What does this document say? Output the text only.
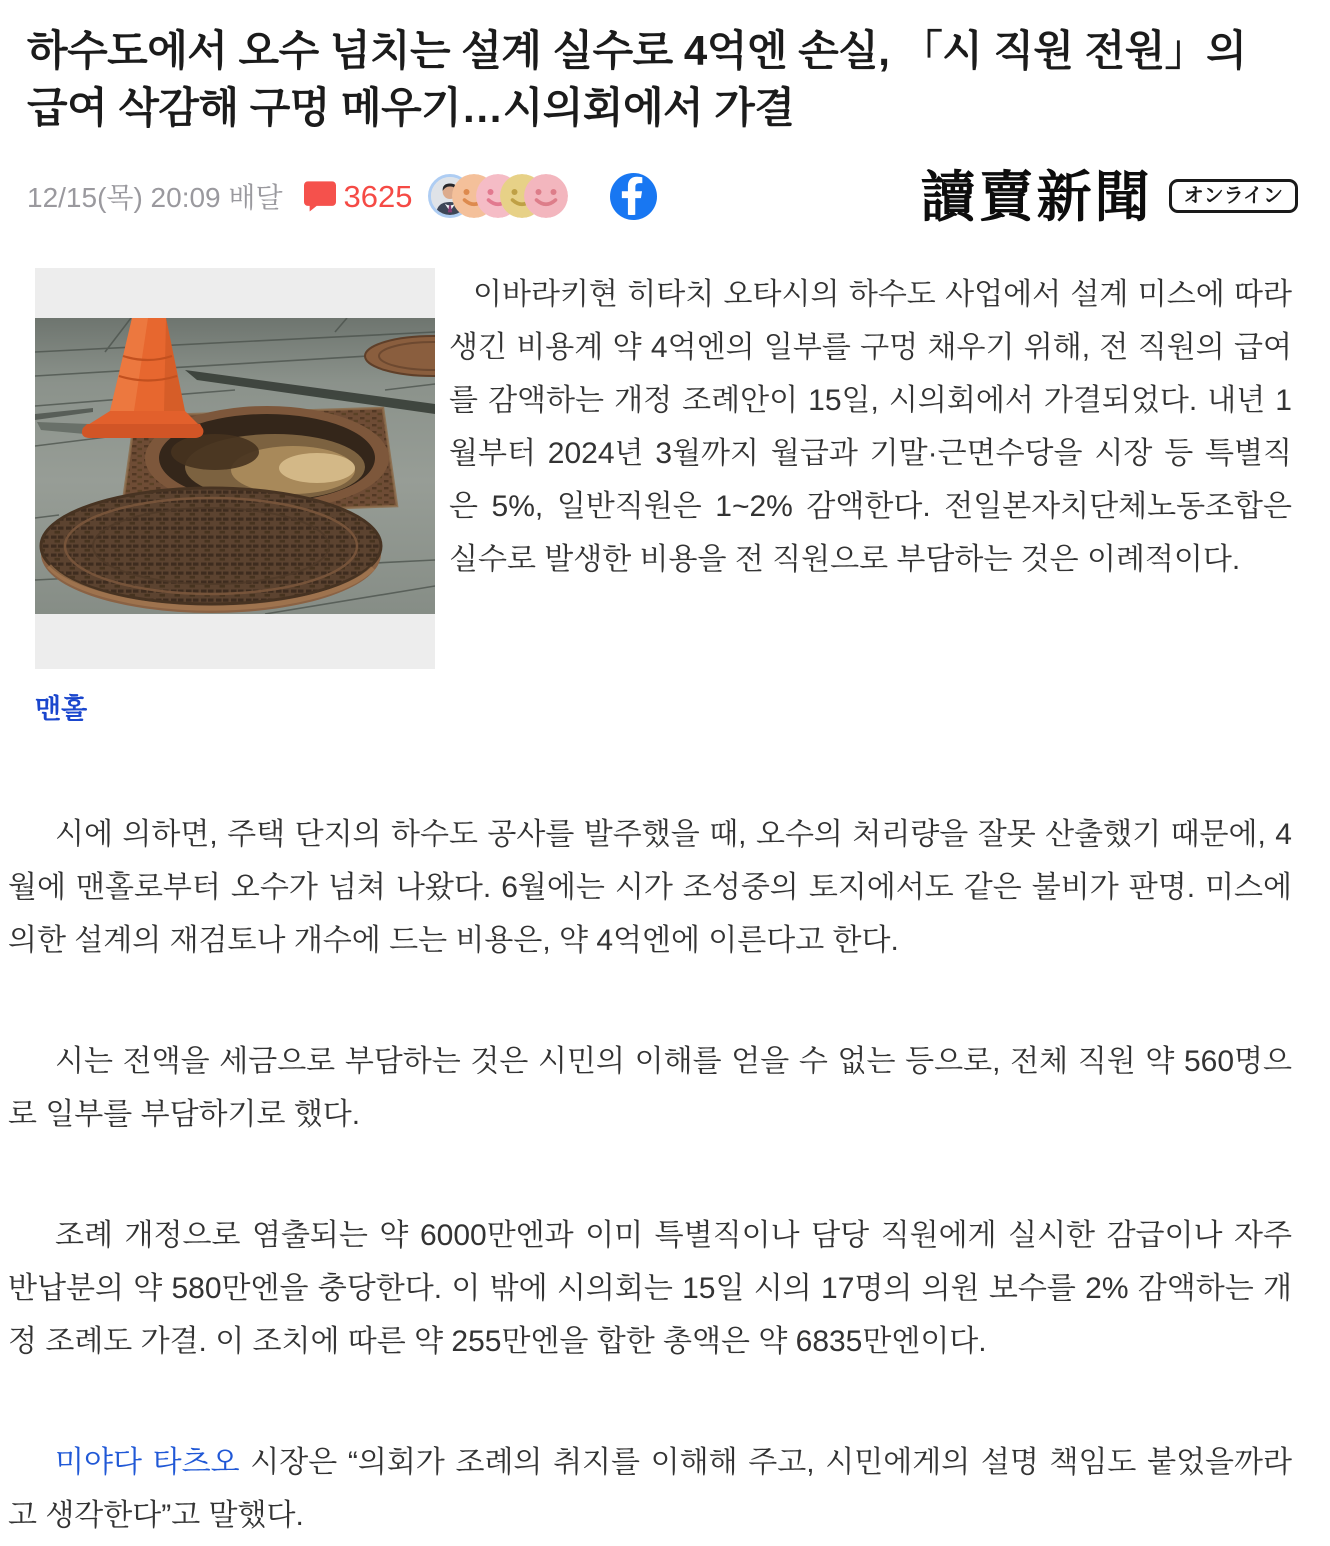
하수도에서 오수 넘치는 설계 실수로 4억엔 손실, 「시 직원 전원」의 급여 삭감해 구멍 메우기…시의회에서 가결
12/15(목) 20:09 배달 3625	讀賣新聞	オンライン
맨홀

이바라키현 히타치 오타시의 하수도 사업에서 설계 미스에 따라 생긴 비용계 약 4억엔의 일부를 구멍 채우기 위해, 전 직원의 급여를 감액하는 개정 조례안이 15일, 시의회에서 가결되었다. 내년 1월부터 2024년 3월까지 월급과 기말·근면수당을 시장 등 특별직은 5%, 일반직원은 1~2% 감액한다. 전일본자치단체노동조합은 실수로 발생한 비용을 전 직원으로 부담하는 것은 이례적이다.

시에 의하면, 주택 단지의 하수도 공사를 발주했을 때, 오수의 처리량을 잘못 산출했기 때문에, 4월에 맨홀로부터 오수가 넘쳐 나왔다. 6월에는 시가 조성중의 토지에서도 같은 불비가 판명. 미스에 의한 설계의 재검토나 개수에 드는 비용은, 약 4억엔에 이른다고 한다.

시는 전액을 세금으로 부담하는 것은 시민의 이해를 얻을 수 없는 등으로, 전체 직원 약 560명으로 일부를 부담하기로 했다.

조례 개정으로 염출되는 약 6000만엔과 이미 특별직이나 담당 직원에게 실시한 감급이나 자주 반납분의 약 580만엔을 충당한다. 이 밖에 시의회는 15일 시의 17명의 의원 보수를 2% 감액하는 개정 조례도 가결. 이 조치에 따른 약 255만엔을 합한 총액은 약 6835만엔이다.

미야다 타츠오 시장은 “의회가 조례의 취지를 이해해 주고, 시민에게의 설명 책임도 붙었을까라고 생각한다”고 말했다.
